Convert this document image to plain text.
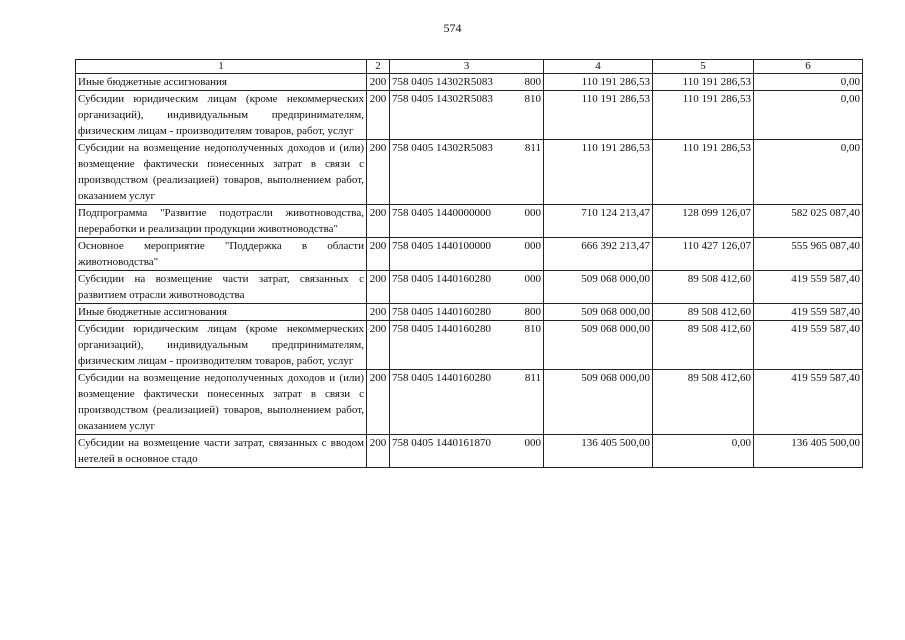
574
1	2	3	4	5	6
Иные бюджетные ассигнования	200	758 0405 14302R5083 800	110 191 286,53	110 191 286,53	0,00
Субсидии юридическим лицам (кроме некоммерческих организаций), индивидуальным предпринимателям, физическим лицам - производителям товаров, работ, услуг	200	758 0405 14302R5083 810	110 191 286,53	110 191 286,53	0,00
Субсидии на возмещение недополученных доходов и (или) возмещение фактически понесенных затрат в связи с производством (реализацией) товаров, выполнением работ, оказанием услуг	200	758 0405 14302R5083 811	110 191 286,53	110 191 286,53	0,00
Подпрограмма "Развитие подотрасли животноводства, переработки и реализации продукции животноводства"	200	758 0405 1440000000 000	710 124 213,47	128 099 126,07	582 025 087,40
Основное мероприятие "Поддержка в области животноводства"	200	758 0405 1440100000 000	666 392 213,47	110 427 126,07	555 965 087,40
Субсидии на возмещение части затрат, связанных с развитием отрасли животноводства	200	758 0405 1440160280 000	509 068 000,00	89 508 412,60	419 559 587,40
Иные бюджетные ассигнования	200	758 0405 1440160280 800	509 068 000,00	89 508 412,60	419 559 587,40
Субсидии юридическим лицам (кроме некоммерческих организаций), индивидуальным предпринимателям, физическим лицам - производителям товаров, работ, услуг	200	758 0405 1440160280 810	509 068 000,00	89 508 412,60	419 559 587,40
Субсидии на возмещение недополученных доходов и (или) возмещение фактически понесенных затрат в связи с производством (реализацией) товаров, выполнением работ, оказанием услуг	200	758 0405 1440160280 811	509 068 000,00	89 508 412,60	419 559 587,40
Субсидии на возмещение части затрат, связанных с вводом нетелей в основное стадо	200	758 0405 1440161870 000	136 405 500,00	0,00	136 405 500,00
